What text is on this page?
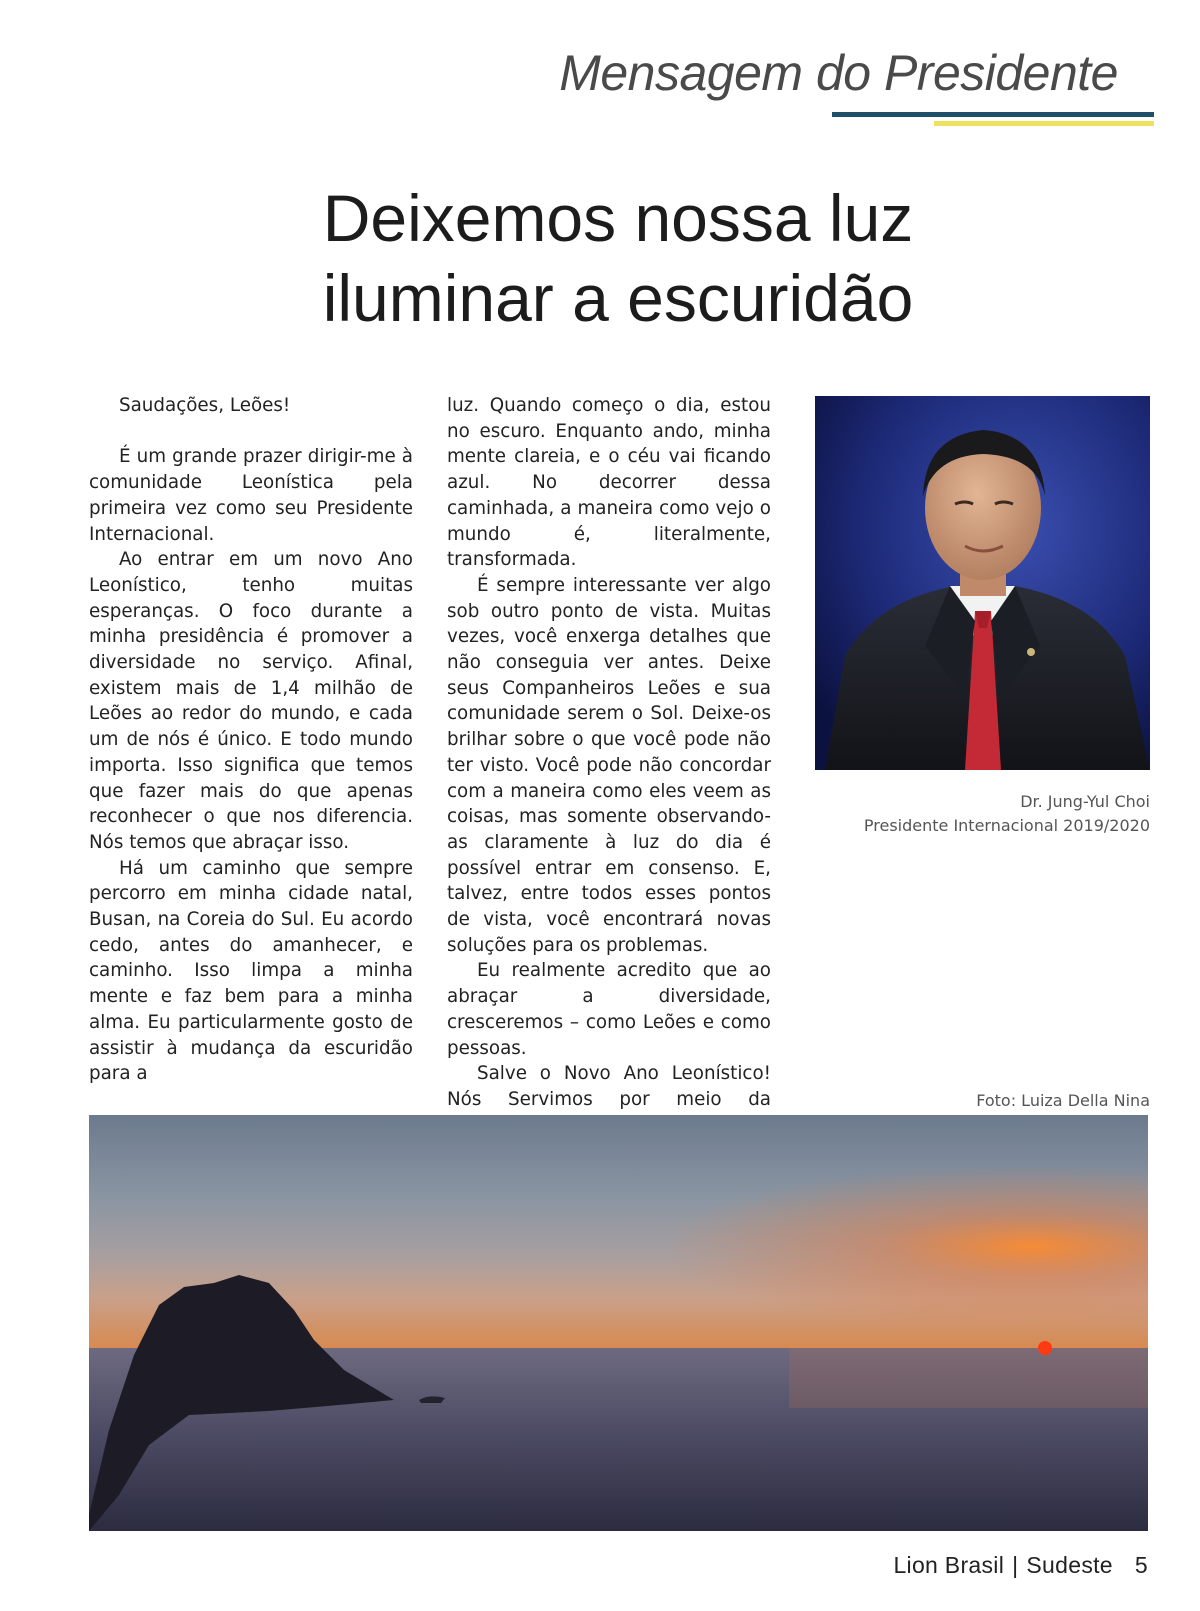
Mensagem do Presidente
Deixemos nossa luz
iluminar a escuridão

Saudações, Leões!

É um grande prazer dirigir-me à comunidade Leonística pela primeira vez como seu Presidente Internacional.

Ao entrar em um novo Ano Leonístico, tenho muitas esperanças. O foco durante a minha presidência é promover a diversidade no serviço. Afinal, existem mais de 1,4 milhão de Leões ao redor do mundo, e cada um de nós é único. E todo mundo importa. Isso significa que temos que fazer mais do que apenas reconhecer o que nos diferencia. Nós temos que abraçar isso.

Há um caminho que sempre percorro em minha cidade natal, Busan, na Coreia do Sul. Eu acordo cedo, antes do amanhecer, e caminho. Isso limpa a minha mente e faz bem para a minha alma. Eu particularmente gosto de assistir à mudança da escuridão para a

luz. Quando começo o dia, estou no escuro. Enquanto ando, minha mente clareia, e o céu vai ficando azul. No decorrer dessa caminhada, a maneira como vejo o mundo é, literalmente, transformada.

É sempre interessante ver algo sob outro ponto de vista. Muitas vezes, você enxerga detalhes que não conseguia ver antes. Deixe seus Companheiros Leões e sua comunidade serem o Sol. Deixe-os brilhar sobre o que você pode não ter visto. Você pode não concordar com a maneira como eles veem as coisas, mas somente observando-as claramente à luz do dia é possível entrar em consenso. E, talvez, entre todos esses pontos de vista, você encontrará novas soluções para os problemas.

Eu realmente acredito que ao abraçar a diversidade, cresceremos – como Leões e como pessoas.

Salve o Novo Ano Leonístico! Nós Servimos por meio da

Dr. Jung-Yul Choi
Presidente Internacional 2019/2020
Foto: Luiza Della Nina
Lion Brasil | Sudeste 5
